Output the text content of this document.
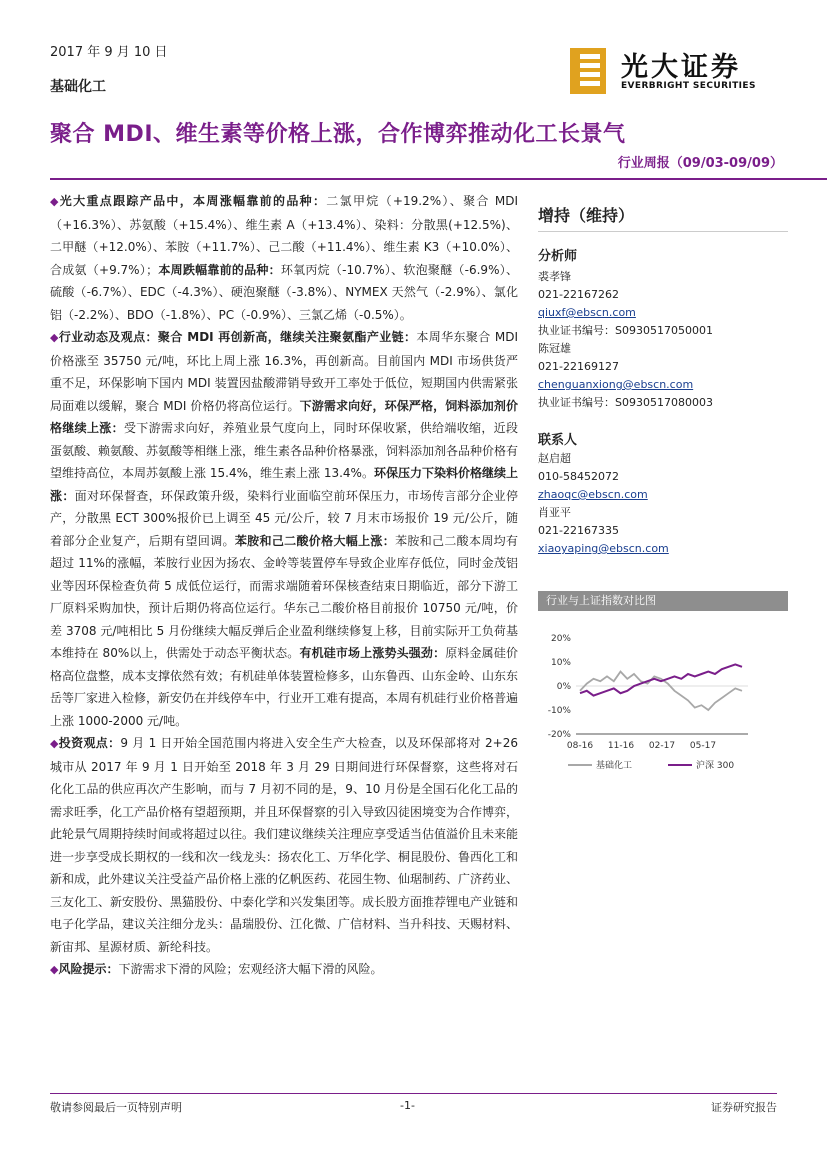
2017 年 9 月 10 日
基础化工
光大证券
EVERBRIGHT SECURITIES
聚合 MDI、维生素等价格上涨，合作博弈推动化工长景气
行业周报（09/03-09/09）

◆光大重点跟踪产品中，本周涨幅靠前的品种：二氯甲烷（+19.2%）、聚合 MDI（+16.3%）、苏氨酸（+15.4%）、维生素 A（+13.4%）、染料：分散黑(+12.5%)、二甲醚（+12.0%）、苯胺（+11.7%）、己二酸（+11.4%）、维生素 K3（+10.0%）、合成氨（+9.7%）；本周跌幅靠前的品种：环氧丙烷（-10.7%）、软泡聚醚（-6.9%）、硫酸（-6.7%）、EDC（-4.3%）、硬泡聚醚（-3.8%）、NYMEX 天然气（-2.9%）、氯化铝（-2.2%）、BDO（-1.8%）、PC（-0.9%）、三氯乙烯（-0.5%）。

◆行业动态及观点：聚合 MDI 再创新高，继续关注聚氨酯产业链：本周华东聚合 MDI 价格涨至 35750 元/吨，环比上周上涨 16.3%，再创新高。目前国内 MDI 市场供货严重不足，环保影响下国内 MDI 装置因盐酸滞销导致开工率处于低位，短期国内供需紧张局面难以缓解，聚合 MDI 价格仍将高位运行。下游需求向好，环保严格，饲料添加剂价格继续上涨：受下游需求向好，养殖业景气度向上，同时环保收紧，供给端收缩，近段蛋氨酸、赖氨酸、苏氨酸等相继上涨，维生素各品种价格暴涨，饲料添加剂各品种价格有望维持高位，本周苏氨酸上涨 15.4%，维生素上涨 13.4%。环保压力下染料价格继续上涨：面对环保督查，环保政策升级，染料行业面临空前环保压力，市场传言部分企业停产，分散黑 ECT 300%报价已上调至 45 元/公斤，较 7 月末市场报价 19 元/公斤，随着部分企业复产，后期有望回调。苯胺和己二酸价格大幅上涨：苯胺和己二酸本周均有超过 11%的涨幅，苯胺行业因为扬农、金岭等装置停车导致企业库存低位，同时金茂铝业等因环保检查负荷 5 成低位运行，而需求端随着环保核查结束日期临近，部分下游工厂原料采购加快，预计后期仍将高位运行。华东己二酸价格目前报价 10750 元/吨，价差 3708 元/吨相比 5 月份继续大幅反弹后企业盈利继续修复上移，目前实际开工负荷基本维持在 80%以上，供需处于动态平衡状态。有机硅市场上涨势头强劲：原料金属硅价格高位盘整，成本支撑依然有效；有机硅单体装置检修多，山东鲁西、山东金岭、山东东岳等厂家进入检修，新安仍在并线停车中，行业开工难有提高，本周有机硅行业价格普遍上涨 1000-2000 元/吨。

◆投资观点：9 月 1 日开始全国范围内将进入安全生产大检查，以及环保部将对 2+26 城市从 2017 年 9 月 1 日开始至 2018 年 3 月 29 日期间进行环保督察，这些将对石化化工品的供应再次产生影响，而与 7 月初不同的是，9、10 月份是全国石化化工品的需求旺季，化工产品价格有望超预期，并且环保督察的引入导致囚徒困境变为合作博弈，此轮景气周期持续时间或将超过以往。我们建议继续关注理应享受适当估值溢价且未来能进一步享受成长期权的一线和次一线龙头：扬农化工、万华化学、桐昆股份、鲁西化工和新和成，此外建议关注受益产品价格上涨的亿帆医药、花园生物、仙琚制药、广济药业、三友化工、新安股份、黑猫股份、中泰化学和兴发集团等。成长股方面推荐锂电产业链和电子化学品，建议关注细分龙头：晶瑞股份、江化微、广信材料、当升科技、天赐材料、新宙邦、星源材质、新纶科技。

◆风险提示：下游需求下滑的风险；宏观经济大幅下滑的风险。

增持（维持）
分析师
裘孝锋
021-22167262
qiuxf@ebscn.com
执业证书编号：S0930517050001
陈冠雄
021-22169127
chenguanxiong@ebscn.com
执业证书编号：S0930517080003
联系人
赵启超
010-58452072
zhaoqc@ebscn.com
肖亚平
021-22167335
xiaoyaping@ebscn.com
行业与上证指数对比图
20%
10%
0%
-10%
-20%
08-16 11-16 02-17 05-17
基础化工	沪深 300
敬请参阅最后一页特别声明	-1-	证券研究报告
